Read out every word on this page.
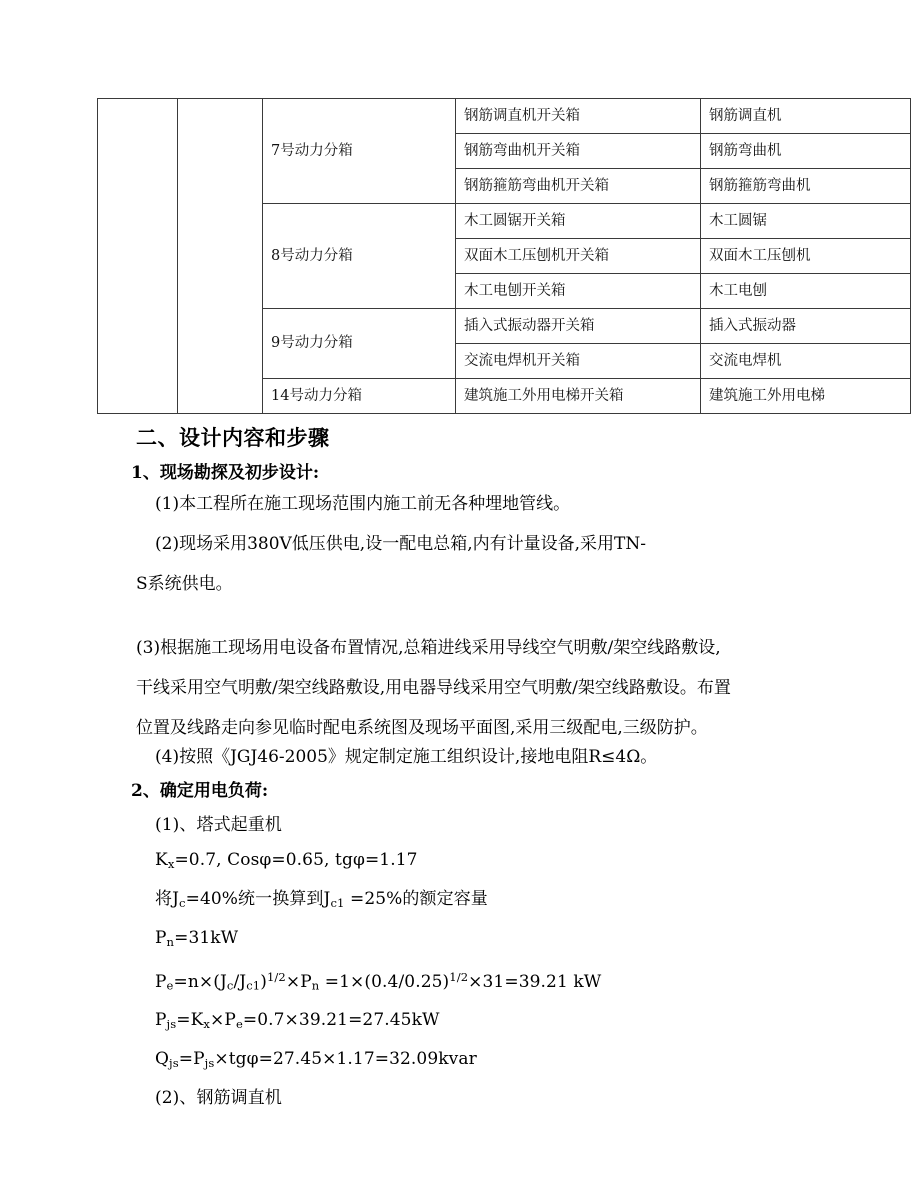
		7号动力分箱	钢筋调直机开关箱	钢筋调直机
			钢筋弯曲机开关箱	钢筋弯曲机
			钢筋箍筋弯曲机开关箱	钢筋箍筋弯曲机
		8号动力分箱	木工圆锯开关箱	木工圆锯
			双面木工压刨机开关箱	双面木工压刨机
			木工电刨开关箱	木工电刨
		9号动力分箱	插入式振动器开关箱	插入式振动器
			交流电焊机开关箱	交流电焊机
		14号动力分箱	建筑施工外用电梯开关箱	建筑施工外用电梯
二、设计内容和步骤
1、现场勘探及初步设计:
(1)本工程所在施工现场范围内施工前无各种埋地管线。
(2)现场采用380V低压供电,设一配电总箱,内有计量设备,采用TN-
S系统供电。
(3)根据施工现场用电设备布置情况,总箱进线采用导线空气明敷/架空线路敷设,
干线采用空气明敷/架空线路敷设,用电器导线采用空气明敷/架空线路敷设。布置
位置及线路走向参见临时配电系统图及现场平面图,采用三级配电,三级防护。
(4)按照《JGJ46-2005》规定制定施工组织设计,接地电阻R≤4Ω。
2、确定用电负荷:
(1)、塔式起重机
$K_x=0.7$, Cosφ=0.65, tgφ=1.17
将$J_c=40\%$统一换算到$J_{c1} =25\%$的额定容量
$P_n=31kW$
$P_e=n\times(J_c/J_{c1})^{1/2}\times P_n =1\times(0.4/0.25)^{1/2}\times 31=39.21$ kW
$P_{js}=K_x\times P_e=0.7\times 39.21=27.45kW$
$Q_{js}=P_{js}\times tg\varphi=27.45\times 1.17=32.09kvar$
(2)、钢筋调直机
